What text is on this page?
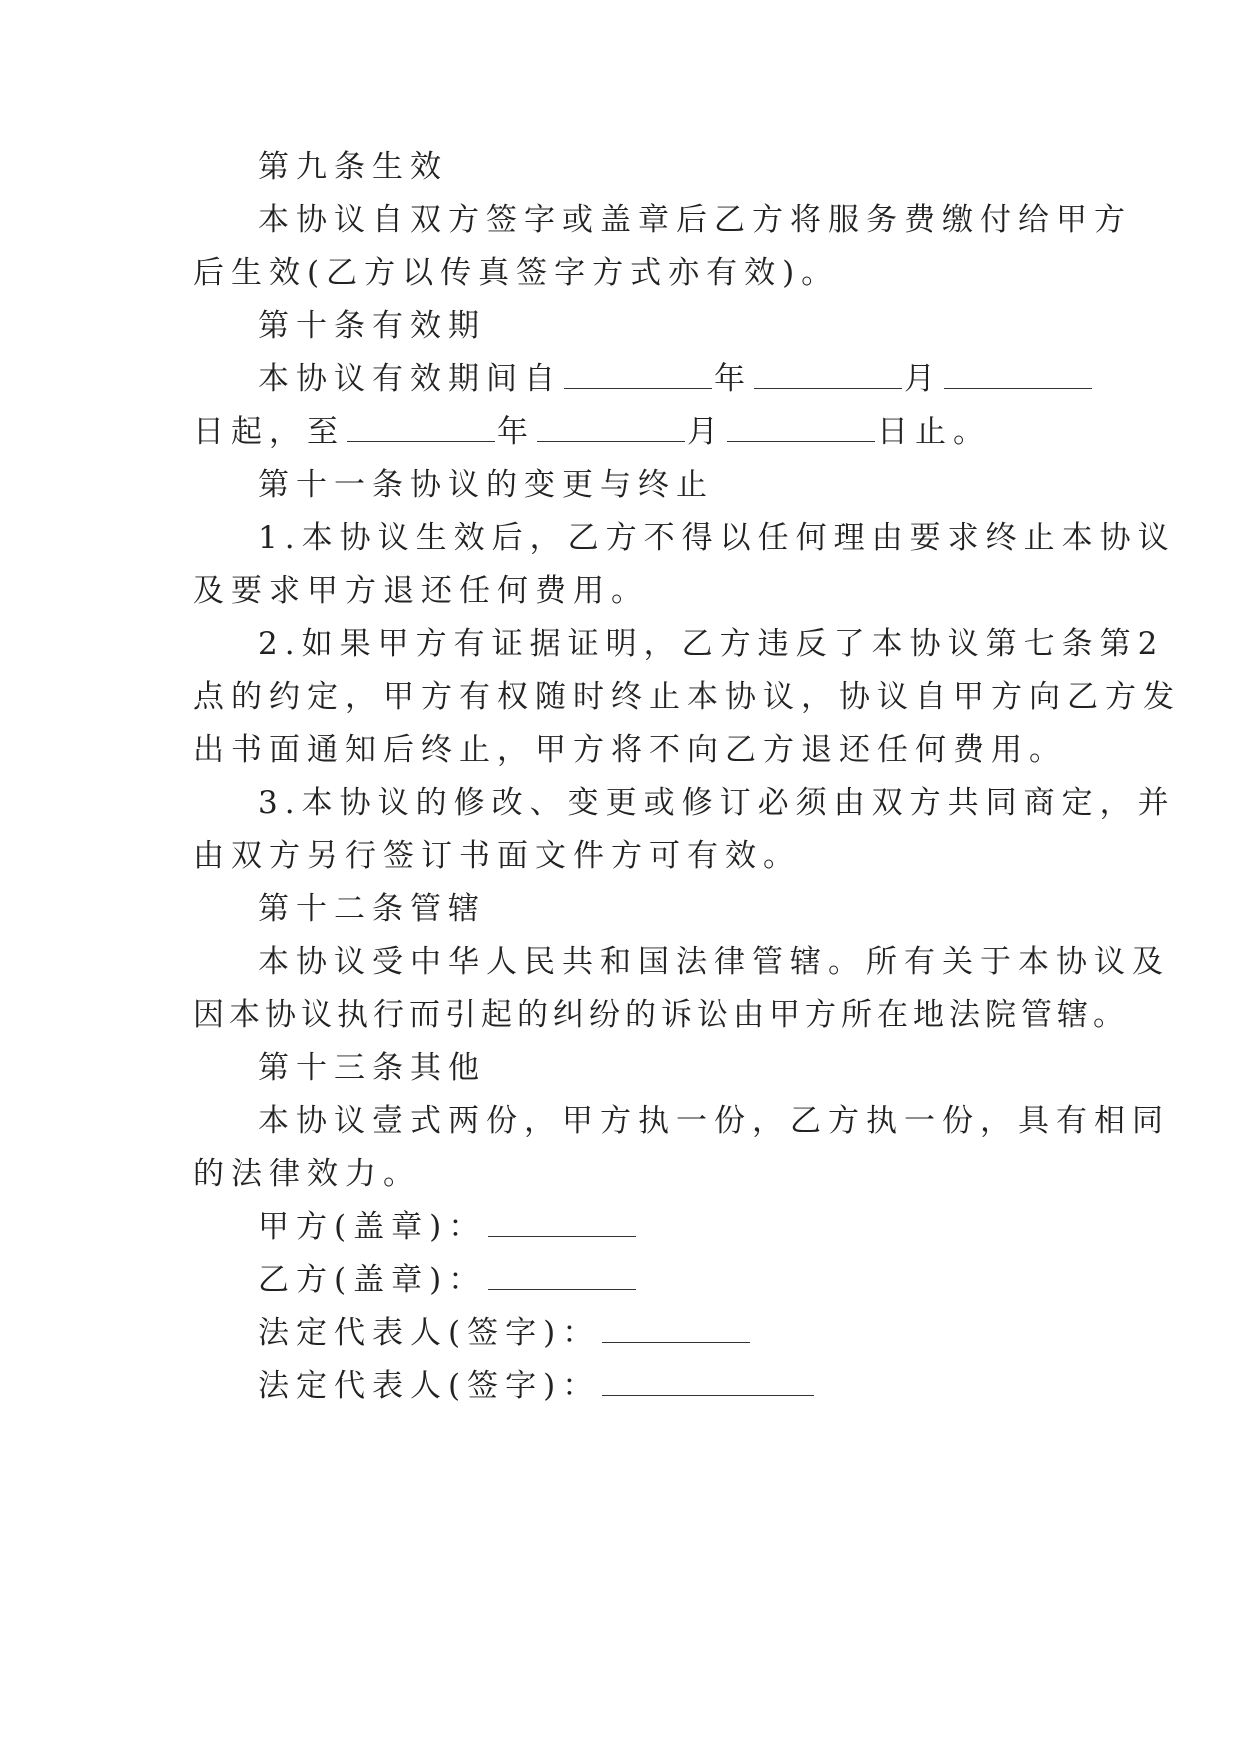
第九条生效
本协议自双方签字或盖章后乙方将服务费缴付给甲方
后生效(乙方以传真签字方式亦有效)。
第十条有效期
本协议有效期间自	年	月
日起，至	年	月	日止。
第十一条协议的变更与终止
1.本协议生效后，乙方不得以任何理由要求终止本协议
及要求甲方退还任何费用。
2.如果甲方有证据证明，乙方违反了本协议第七条第2
点的约定，甲方有权随时终止本协议，协议自甲方向乙方发
出书面通知后终止，甲方将不向乙方退还任何费用。
3.本协议的修改、变更或修订必须由双方共同商定，并
由双方另行签订书面文件方可有效。
第十二条管辖
本协议受中华人民共和国法律管辖。所有关于本协议及
因本协议执行而引起的纠纷的诉讼由甲方所在地法院管辖。
第十三条其他
本协议壹式两份，甲方执一份，乙方执一份，具有相同
的法律效力。
甲方(盖章)：
乙方(盖章)：
法定代表人(签字)：
法定代表人(签字)：
